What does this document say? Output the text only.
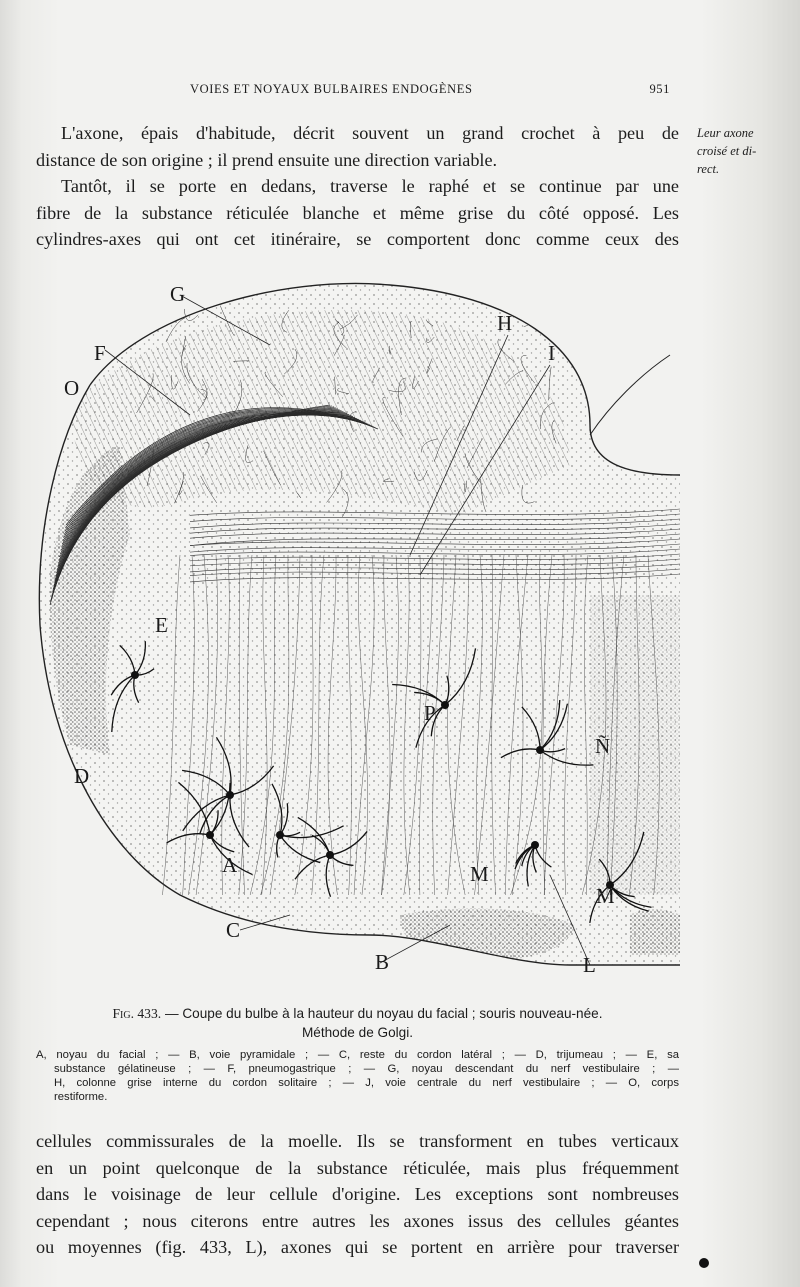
VOIES ET NOYAUX BULBAIRES ENDOGÈNES	951
Leur axone
croisé et di-
rect.

L'axone, épais d'habitude, décrit souvent un grand crochet à peu de

distance de son origine ; il prend ensuite une direction variable.

Tantôt, il se porte en dedans, traverse le raphé et se continue par une

fibre de la substance réticulée blanche et même grise du côté opposé. Les

cylindres-axes qui ont cet itinéraire, se comportent donc comme ceux des

G
H
I
F
O
E
P
Ñ
D
A	M
M
C
B	L
Fig. 433. — Coupe du bulbe à la hauteur du noyau du facial ; souris nouveau-née.
Méthode de Golgi.
A, noyau du facial ; — B, voie pyramidale ; — C, reste du cordon latéral ; — D, trijumeau ; — E, sa
substance gélatineuse ; — F, pneumogastrique ; — G, noyau descendant du nerf vestibulaire ; —
H, colonne grise interne du cordon solitaire ; — J, voie centrale du nerf vestibulaire ; — O, corps
restiforme.

cellules commissurales de la moelle. Ils se transforment en tubes verticaux

en un point quelconque de la substance réticulée, mais plus fréquemment

dans le voisinage de leur cellule d'origine. Les exceptions sont nombreuses

cependant ; nous citerons entre autres les axones issus des cellules géantes

ou moyennes (fig. 433, L), axones qui se portent en arrière pour traverser
